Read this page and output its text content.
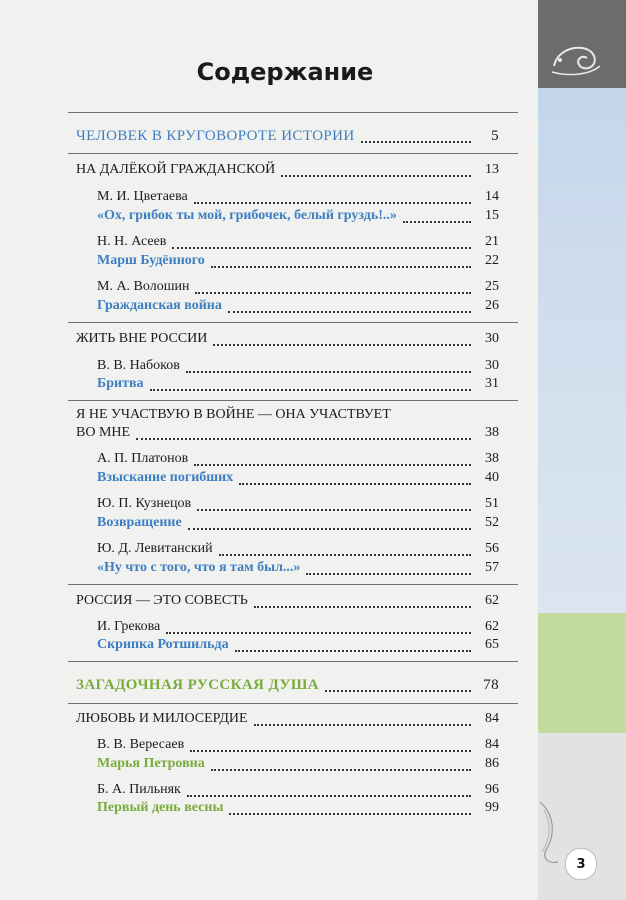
3
Содержание
ЧЕЛОВЕК В КРУГОВОРОТЕ ИСТОРИИ	5
НА ДАЛЁКОЙ ГРАЖДАНСКОЙ	13
М. И. Цветаева	14
«Ох, грибок ты мой, грибочек, белый груздь!..»	15
Н. Н. Асеев	21
Марш Будённого	22
М. А. Волошин	25
Гражданская война	26
ЖИТЬ ВНЕ РОССИИ	30
В. В. Набоков	30
Бритва	31
Я НЕ УЧАСТВУЮ В ВОЙНЕ — ОНА УЧАСТВУЕТ
ВО МНЕ	38
А. П. Платонов	38
Взыскание погибших	40
Ю. П. Кузнецов	51
Возвращение	52
Ю. Д. Левитанский	56
«Ну что с того, что я там был...»	57
РОССИЯ — ЭТО СОВЕСТЬ	62
И. Грекова	62
Скрипка Ротшильда	65
ЗАГАДОЧНАЯ РУССКАЯ ДУША	78
ЛЮБОВЬ И МИЛОСЕРДИЕ	84
В. В. Вересаев	84
Марья Петровна	86
Б. А. Пильняк	96
Первый день весны	99
